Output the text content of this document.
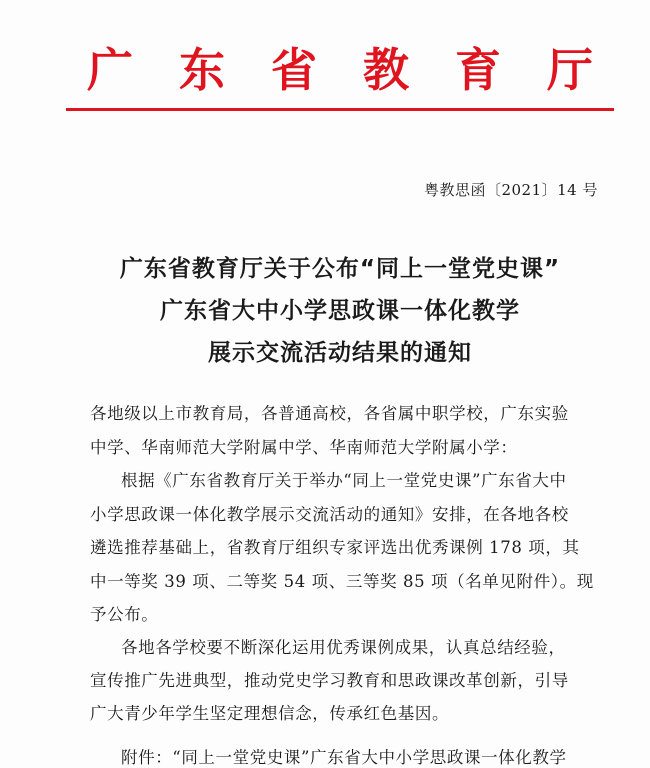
广 东 省 教 育 厅
粤教思函〔2021〕14 号
广东省教育厅关于公布“同上一堂党史课”
广东省大中小学思政课一体化教学
展示交流活动结果的通知
各地级以上市教育局，各普通高校，各省属中职学校，广东实验
中学、华南师范大学附属中学、华南师范大学附属小学：
根据《广东省教育厅关于举办“同上一堂党史课”广东省大中
小学思政课一体化教学展示交流活动的通知》安排，在各地各校
遴选推荐基础上，省教育厅组织专家评选出优秀课例 178 项，其
中一等奖 39 项、二等奖 54 项、三等奖 85 项（名单见附件）。现
予公布。
各地各学校要不断深化运用优秀课例成果，认真总结经验，
宣传推广先进典型，推动党史学习教育和思政课改革创新，引导
广大青少年学生坚定理想信念，传承红色基因。
附件：“同上一堂党史课”广东省大中小学思政课一体化教学
